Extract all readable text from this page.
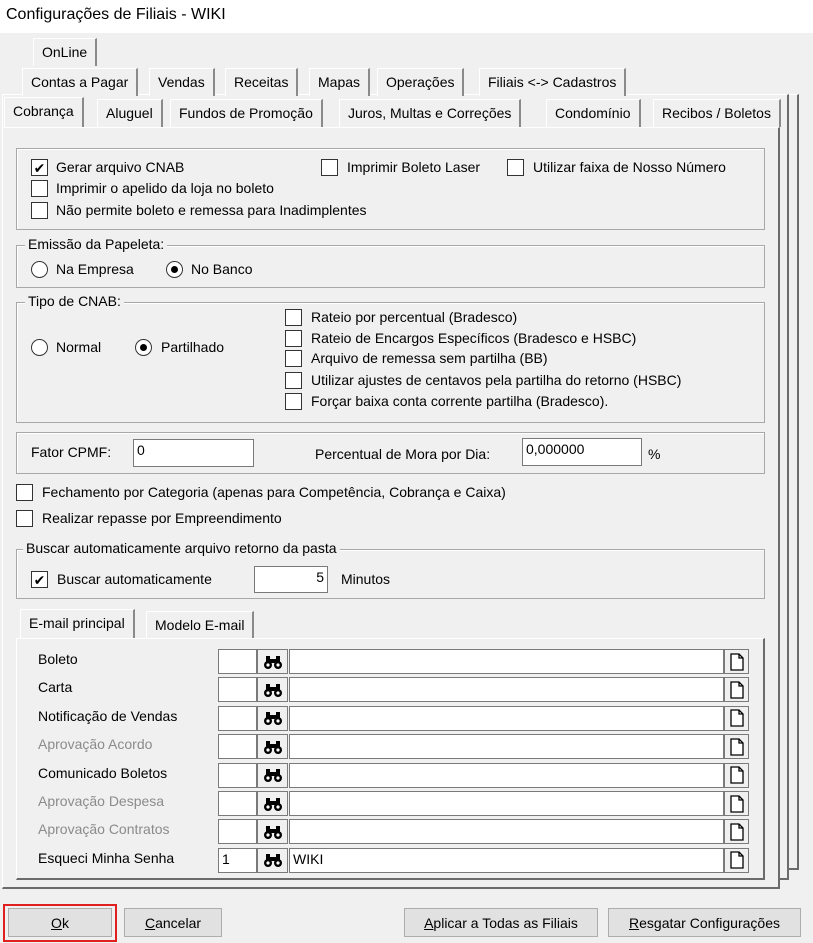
Configurações de Filiais - WIKI
OnLine
Contas a Pagar	Vendas	Receitas	Mapas	Operações	Filiais <-> Cadastros
Cobrança	Aluguel	Fundos de Promoção	Juros, Multas e Correções	Condomínio	Recibos / Boletos
✔ Gerar arquivo CNAB	Imprimir Boleto Laser	Utilizar faixa de Nosso Número
Imprimir o apelido da loja no boleto
Não permite boleto e remessa para Inadimplentes
Emissão da Papeleta:
Na Empresa	No Banco
Tipo de CNAB:
Normal	Partilhado
Rateio por percentual (Bradesco)
Rateio de Encargos Específicos (Bradesco e HSBC)
Arquivo de remessa sem partilha (BB)
Utilizar ajustes de centavos pela partilha do retorno (HSBC)
Forçar baixa conta corrente partilha (Bradesco).
Fator CPMF: 0	Percentual de Mora por Dia:	0,000000	%
Fechamento por Categoria (apenas para Competência, Cobrança e Caixa)
Realizar repasse por Empreendimento
Buscar automaticamente arquivo retorno da pasta
✔ Buscar automaticamente	5 Minutos
E-mail principal	Modelo E-mail
Boleto
Carta
Notificação de Vendas
Aprovação Acordo
Comunicado Boletos
Aprovação Despesa
Aprovação Contratos
Esqueci Minha Senha	1	WIKI
Ok	Cancelar	Aplicar a Todas as Filiais	Resgatar Configurações
